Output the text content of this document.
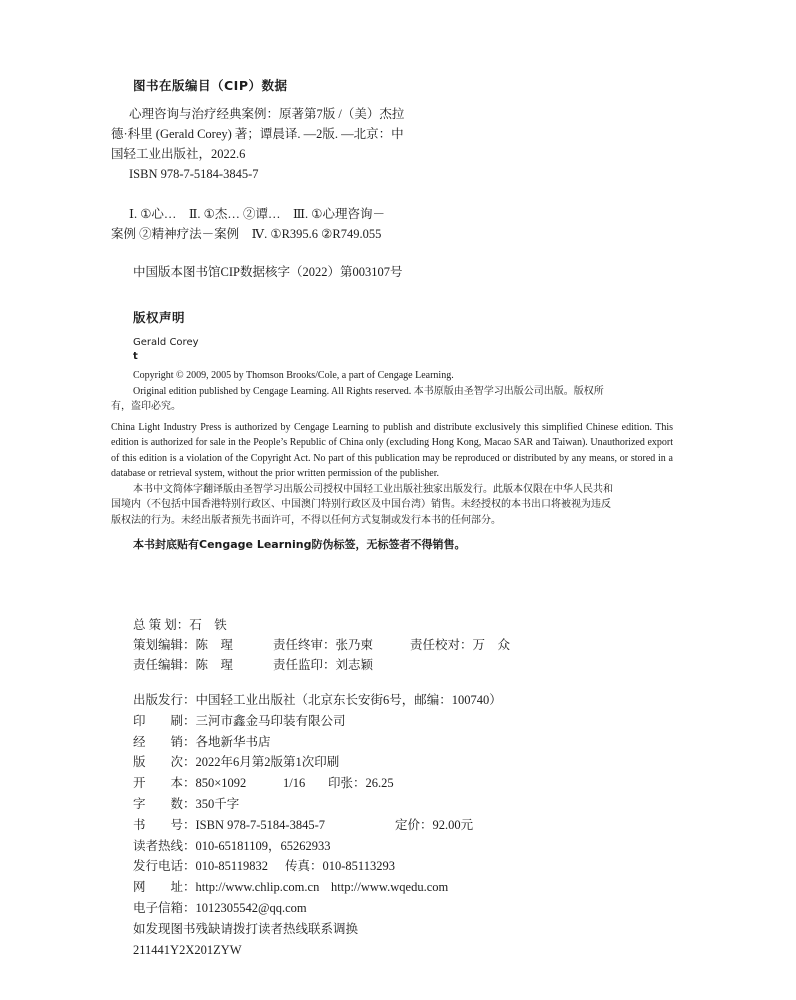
图书在版编目（CIP）数据

心理咨询与治疗经典案例：原著第7版 /（美）杰拉

德·科里 (Gerald Corey) 著；谭晨译. —2版. —北京：中

国轻工业出版社，2022.6

ISBN 978-7-5184-3845-7

Ⅰ. ①心…　Ⅱ. ①杰… ②谭…　Ⅲ. ①心理咨询－

案例 ②精神疗法－案例　Ⅳ. ①R395.6 ②R749.055

中国版本图书馆CIP数据核字（2022）第003107号

版权声明

Gerald Corey

t

Copyright © 2009, 2005 by Thomson Brooks/Cole, a part of Cengage Learning.

Original edition published by Cengage Learning. All Rights reserved. 本书原版由圣智学习出版公司出版。版权所

有，盗印必究。

China Light Industry Press is authorized by Cengage Learning to publish and distribute exclusively this simplified Chinese edition. This edition is authorized for sale in the People’s Republic of China only (excluding Hong Kong, Macao SAR and Taiwan). Unauthorized export of this edition is a violation of the Copyright Act. No part of this publication may be reproduced or distributed by any means, or stored in a database or retrieval system, without the prior written permission of the publisher.

本书中文简体字翻译版由圣智学习出版公司授权中国轻工业出版社独家出版发行。此版本仅限在中华人民共和

国境内（不包括中国香港特别行政区、中国澳门特别行政区及中国台湾）销售。未经授权的本书出口将被视为违反

版权法的行为。未经出版者预先书面许可，不得以任何方式复制或发行本书的任何部分。

本书封底贴有Cengage Learning防伪标签，无标签者不得销售。

总 策 划：石　铁
策划编辑：陈　瑆	责任终审：张乃柬	责任校对：万　众
责任编辑：陈　瑆	责任监印：刘志颖
出版发行：中国轻工业出版社（北京东长安街6号，邮编：100740）
印　　刷：三河市鑫金马印装有限公司
经　　销：各地新华书店
版　　次：2022年6月第2版第1次印刷
开　　本：850×1092	1/16 印张：26.25
字　　数：350千字
书　　号：ISBN 978-7-5184-3845-7	定价：92.00元
读者热线：010-65181109，65262933
发行电话：010-85119832 传真：010-85113293
网　　址：http://www.chlip.com.cn http://www.wqedu.com
电子信箱：1012305542@qq.com
如发现图书残缺请拨打读者热线联系调换
211441Y2X201ZYW
